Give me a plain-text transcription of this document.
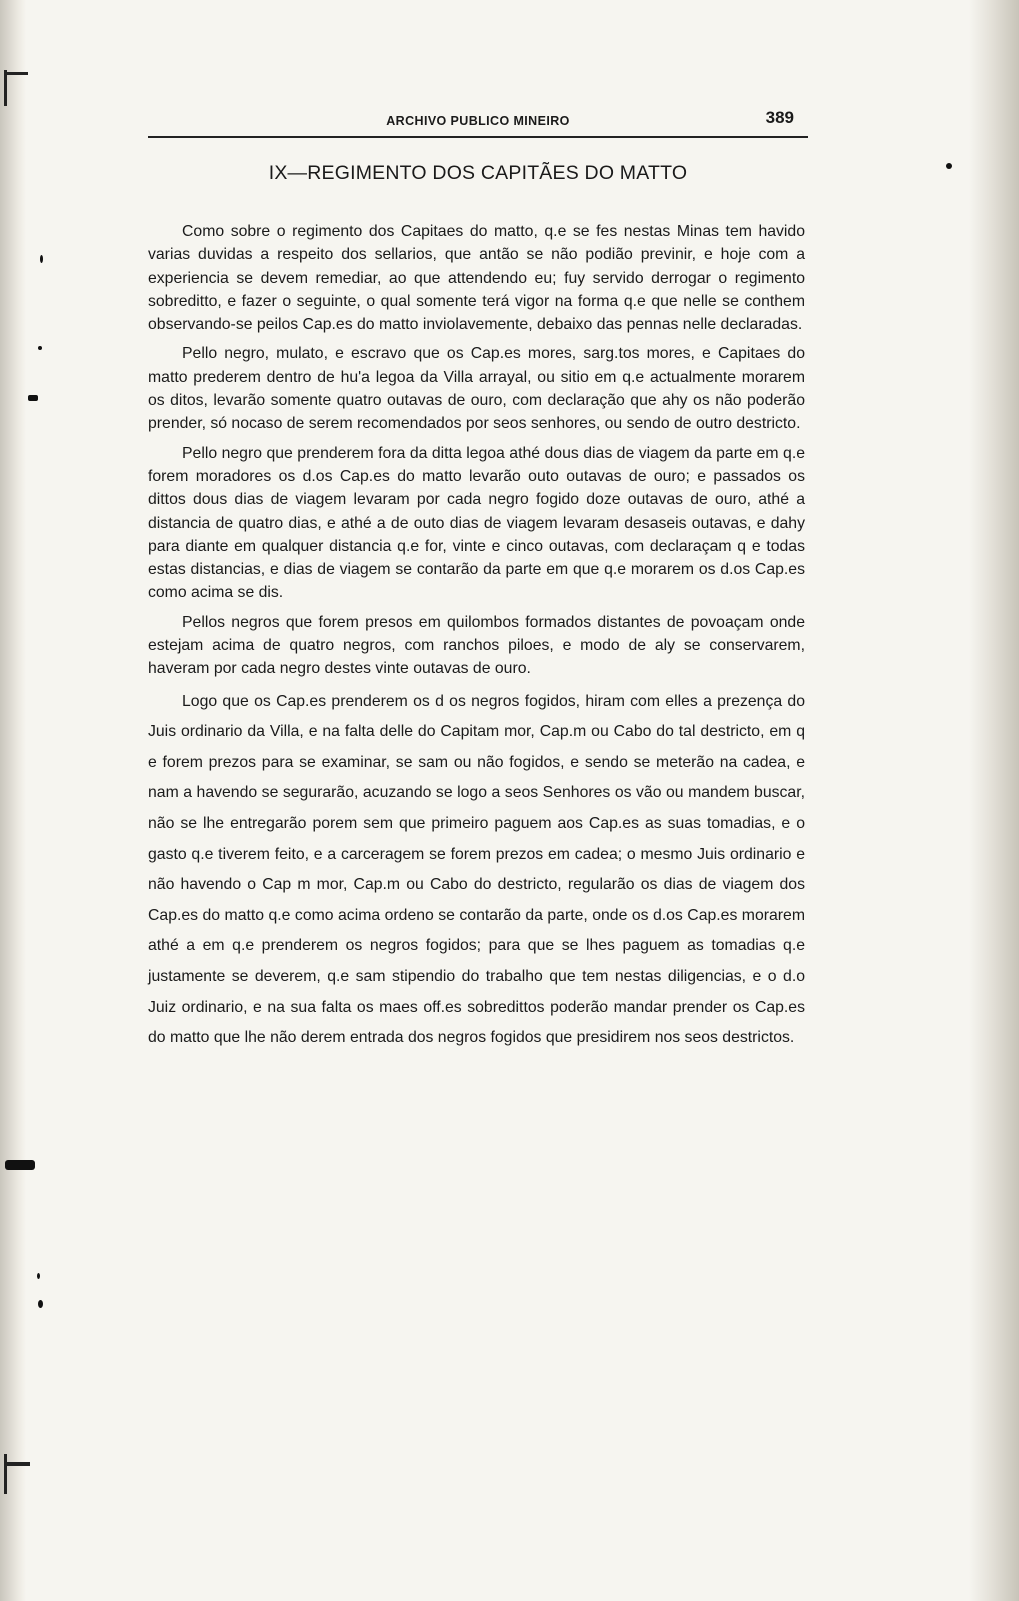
ARCHIVO PUBLICO MINEIRO	389
IX—REGIMENTO DOS CAPITÃES DO MATTO

Como sobre o regimento dos Capitaes do matto, q.e se fes nestas Minas tem havido varias duvidas a respeito dos sellarios, que antão se não podião previnir, e hoje com a experiencia se devem remediar, ao que attendendo eu; fuy servido derrogar o regimento sobreditto, e fazer o seguinte, o qual somente terá vigor na forma q.e que nelle se conthem observando-se peilos Cap.es do matto inviolavemente, debaixo das pennas nelle declaradas.

Pello negro, mulato, e escravo que os Cap.es mores, sarg.tos mores, e Capitaes do matto prederem dentro de hu'a legoa da Villa arrayal, ou sitio em q.e actualmente morarem os ditos, levarão somente quatro outavas de ouro, com declaração que ahy os não poderão prender, só nocaso de serem recomendados por seos senhores, ou sendo de outro destricto.

Pello negro que prenderem fora da ditta legoa athé dous dias de viagem da parte em q.e forem moradores os d.os Cap.es do matto levarão outo outavas de ouro; e passados os dittos dous dias de viagem levaram por cada negro fogido doze outavas de ouro, athé a distancia de quatro dias, e athé a de outo dias de viagem levaram desaseis outavas, e dahy para diante em qualquer distancia q.e for, vinte e cinco outavas, com declaraçam q e todas estas distancias, e dias de viagem se contarão da parte em que q.e morarem os d.os Cap.es como acima se dis.

Pellos negros que forem presos em quilombos formados distantes de povoaçam onde estejam acima de quatro negros, com ranchos piloes, e modo de aly se conservarem, haveram por cada negro destes vinte outavas de ouro.

Logo que os Cap.es prenderem os d os negros fogidos, hiram com elles a prezença do Juis ordinario da Villa, e na falta delle do Capitam mor, Cap.m ou Cabo do tal destricto, em q e forem prezos para se examinar, se sam ou não fogidos, e sendo se meterão na cadea, e nam a havendo se segurarão, acuzando se logo a seos Senhores os vão ou mandem buscar, não se lhe entregarão porem sem que primeiro paguem aos Cap.es as suas tomadias, e o gasto q.e tiverem feito, e a carceragem se forem prezos em cadea; o mesmo Juis ordinario e não havendo o Cap m mor, Cap.m ou Cabo do destricto, regularão os dias de viagem dos Cap.es do matto q.e como acima ordeno se contarão da parte, onde os d.os Cap.es morarem athé a em q.e prenderem os negros fogidos; para que se lhes paguem as tomadias q.e justamente se deverem, q.e sam stipendio do trabalho que tem nestas diligencias, e o d.o Juiz ordinario, e na sua falta os maes off.es sobredittos poderão mandar prender os Cap.es do matto que lhe não derem entrada dos negros fogidos que presidirem nos seos destrictos.
